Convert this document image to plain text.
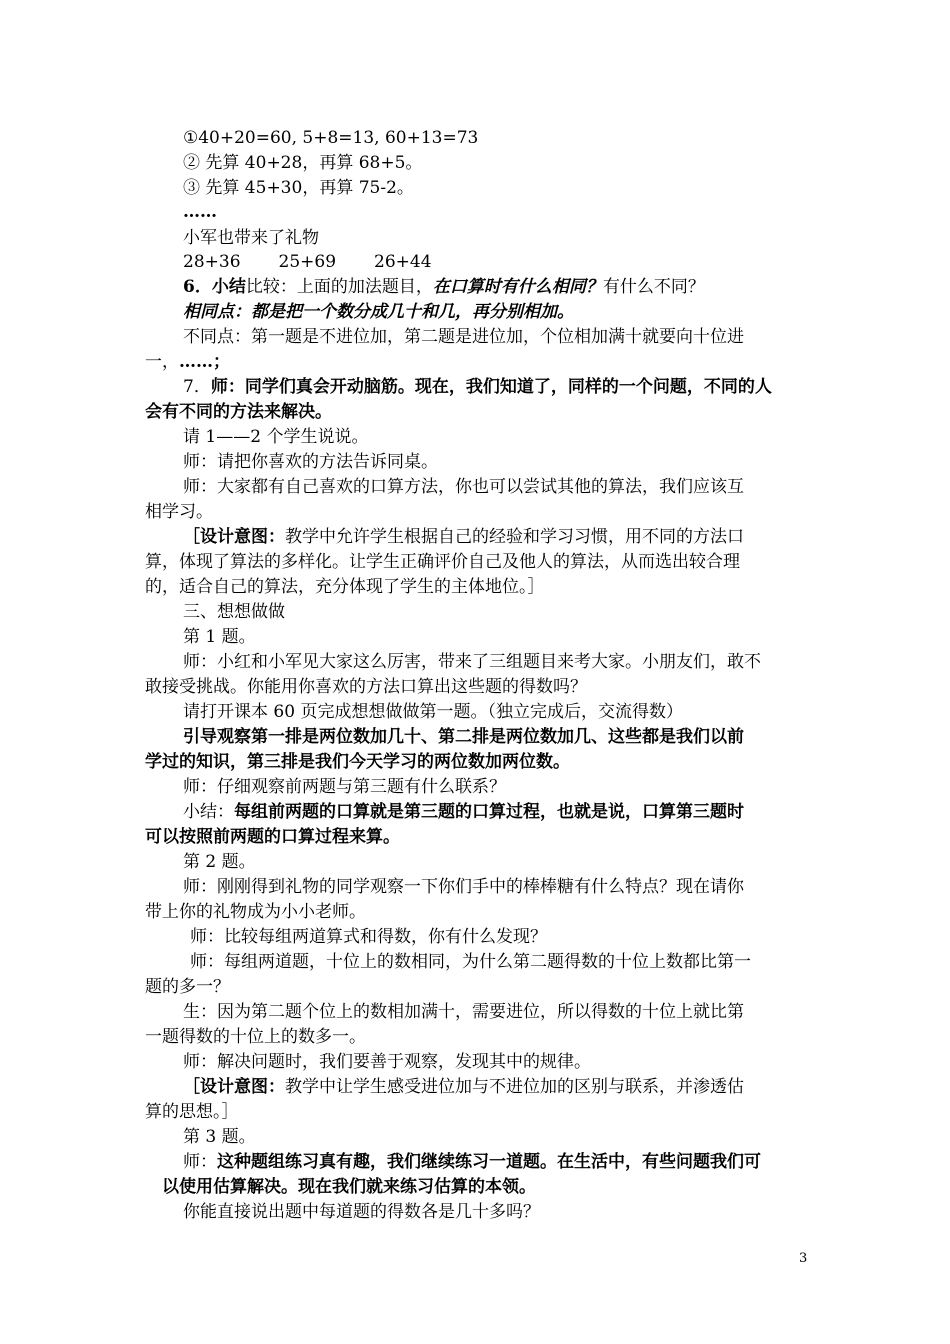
①40+20=60, 5+8=13, 60+13=73
② 先算 40+28，再算 68+5。
③ 先算 45+30，再算 75-2。
……
小军也带来了礼物
28+36 25+69 26+44
6．小结比较：上面的加法题目，在口算时有什么相同？有什么不同？
相同点：都是把一个数分成几十和几，再分别相加。
不同点：第一题是不进位加，第二题是进位加，个位相加满十就要向十位进
一，……；
7．师：同学们真会开动脑筋。现在，我们知道了，同样的一个问题，不同的人
会有不同的方法来解决。
请 1——2 个学生说说。
师：请把你喜欢的方法告诉同桌。
师：大家都有自己喜欢的口算方法，你也可以尝试其他的算法，我们应该互
相学习。
［设计意图：教学中允许学生根据自己的经验和学习习惯，用不同的方法口
算，体现了算法的多样化。让学生正确评价自己及他人的算法，从而选出较合理
的，适合自己的算法，充分体现了学生的主体地位。］
三、想想做做
第 1 题。
师：小红和小军见大家这么厉害，带来了三组题目来考大家。小朋友们，敢不
敢接受挑战。你能用你喜欢的方法口算出这些题的得数吗？
请打开课本 60 页完成想想做做第一题。（独立完成后，交流得数）
引导观察第一排是两位数加几十、第二排是两位数加几、这些都是我们以前
学过的知识，第三排是我们今天学习的两位数加两位数。
师：仔细观察前两题与第三题有什么联系？
小结：每组前两题的口算就是第三题的口算过程，也就是说，口算第三题时
可以按照前两题的口算过程来算。
第 2 题。
师：刚刚得到礼物的同学观察一下你们手中的棒棒糖有什么特点？现在请你
带上你的礼物成为小小老师。
师：比较每组两道算式和得数，你有什么发现？
师：每组两道题，十位上的数相同，为什么第二题得数的十位上数都比第一
题的多一？
生：因为第二题个位上的数相加满十，需要进位，所以得数的十位上就比第
一题得数的十位上的数多一。
师：解决问题时，我们要善于观察，发现其中的规律。
［设计意图：教学中让学生感受进位加与不进位加的区别与联系，并渗透估
算的思想。］
第 3 题。
师：这种题组练习真有趣，我们继续练习一道题。在生活中，有些问题我们可
以使用估算解决。现在我们就来练习估算的本领。
你能直接说出题中每道题的得数各是几十多吗？
3
